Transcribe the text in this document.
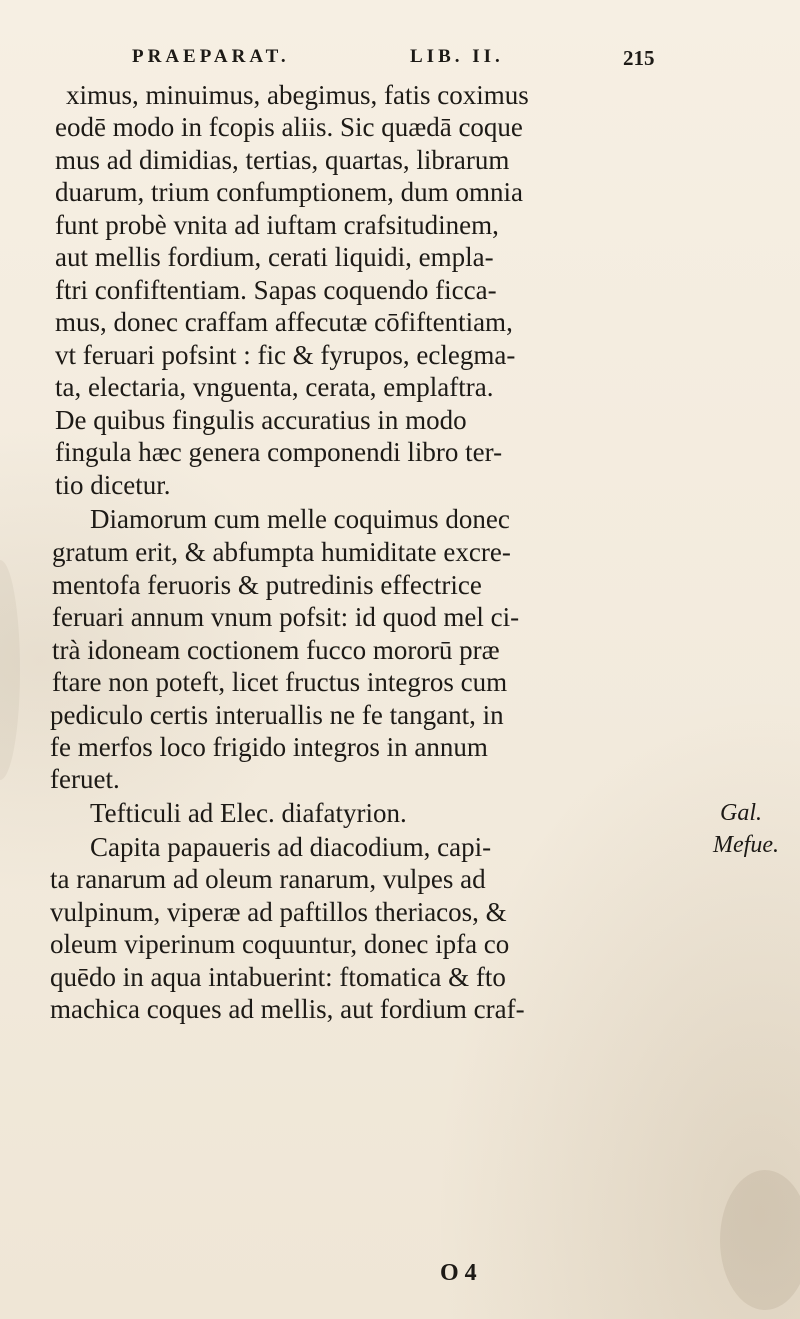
PRAEPARAT.	LIB. II.	215
ximus, minuimus, abegimus, fatis coximus
eodē modo in fcopis aliis. Sic quædā coque
mus ad dimidias, tertias, quartas, librarum
duarum, trium confumptionem, dum omnia
funt probè vnita ad iuftam crafsitudinem,
aut mellis fordium, cerati liquidi, empla-
ftri confiftentiam. Sapas coquendo ficca-
mus, donec craffam affecutæ cōfiftentiam,
vt feruari pofsint : fic & fyrupos, eclegma-
ta, electaria, vnguenta, cerata, emplaftra.
De quibus fingulis accuratius in modo
fingula hæc genera componendi libro ter-
tio dicetur.
Diamorum cum melle coquimus donec
gratum erit, & abfumpta humiditate excre-
mentofa feruoris & putredinis effectrice
feruari annum vnum pofsit: id quod mel ci-
trà idoneam coctionem fucco mororū præ
ftare non poteft, licet fructus integros cum
pediculo certis interuallis ne fe tangant, in
fe merfos loco frigido integros in annum
feruet.
Tefticuli ad Elec. diafatyrion.
Capita papaueris ad diacodium, capi-
ta ranarum ad oleum ranarum, vulpes ad
vulpinum, viperæ ad paftillos theriacos, &
oleum viperinum coquuntur, donec ipfa co
quēdo in aqua intabuerint: ftomatica & fto
machica coques ad mellis, aut fordium craf-
Gal.
Mefue.
O 4
